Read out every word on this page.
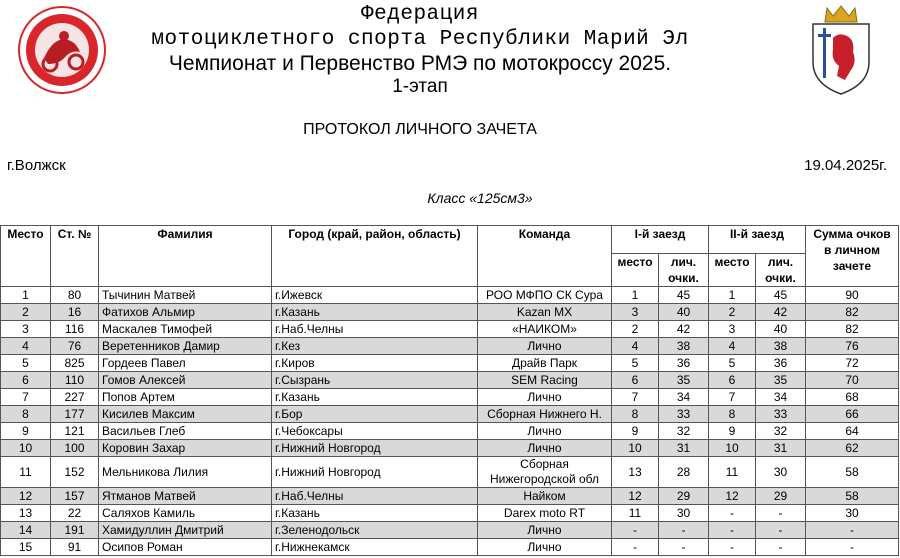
Федерация
мотоциклетного спорта Республики Марий Эл
Чемпионат и Первенство РМЭ по мотокроссу 2025.
1-этап
ПРОТОКОЛ ЛИЧНОГО ЗАЧЕТА
г.Волжск	19.04.2025г.
Класс «125см3»
Место	Ст. №	Фамилия	Город (край, район, область)	Команда	I-й заезд		II-й заезд		Сумма очков в личном зачете
					место	лич. очки.	место	лич. очки.	
1	80	Тычинин Матвей	г.Ижевск	РОО МФПО СК Сура	1	45	1	45	90
2	16	Фатихов Альмир	г.Казань	Kazan MX	3	40	2	42	82
3	116	Маскалев Тимофей	г.Наб.Челны	«НАИКОМ»	2	42	3	40	82
4	76	Веретенников Дамир	г.Кез	Лично	4	38	4	38	76
5	825	Гордеев Павел	г.Киров	Драйв Парк	5	36	5	36	72
6	110	Гомов Алексей	г.Сызрань	SEM Racing	6	35	6	35	70
7	227	Попов Артем	г.Казань	Лично	7	34	7	34	68
8	177	Кисилев Максим	г.Бор	Сборная Нижнего Н.	8	33	8	33	66
9	121	Васильев Глеб	г.Чебоксары	Лично	9	32	9	32	64
10	100	Коровин Захар	г.Нижний Новгород	Лично	10	31	10	31	62
11	152	Мельникова Лилия	г.Нижний Новгород	Сборная Нижегородской обл	13	28	11	30	58
12	157	Ятманов Матвей	г.Наб.Челны	Найком	12	29	12	29	58
13	22	Саляхов Камиль	г.Казань	Darex moto RT	11	30	-	-	30
14	191	Хамидуллин Дмитрий	г.Зеленодольск	Лично	-	-	-	-	-
15	91	Осипов Роман	г.Нижнекамск	Лично	-	-	-	-	-
